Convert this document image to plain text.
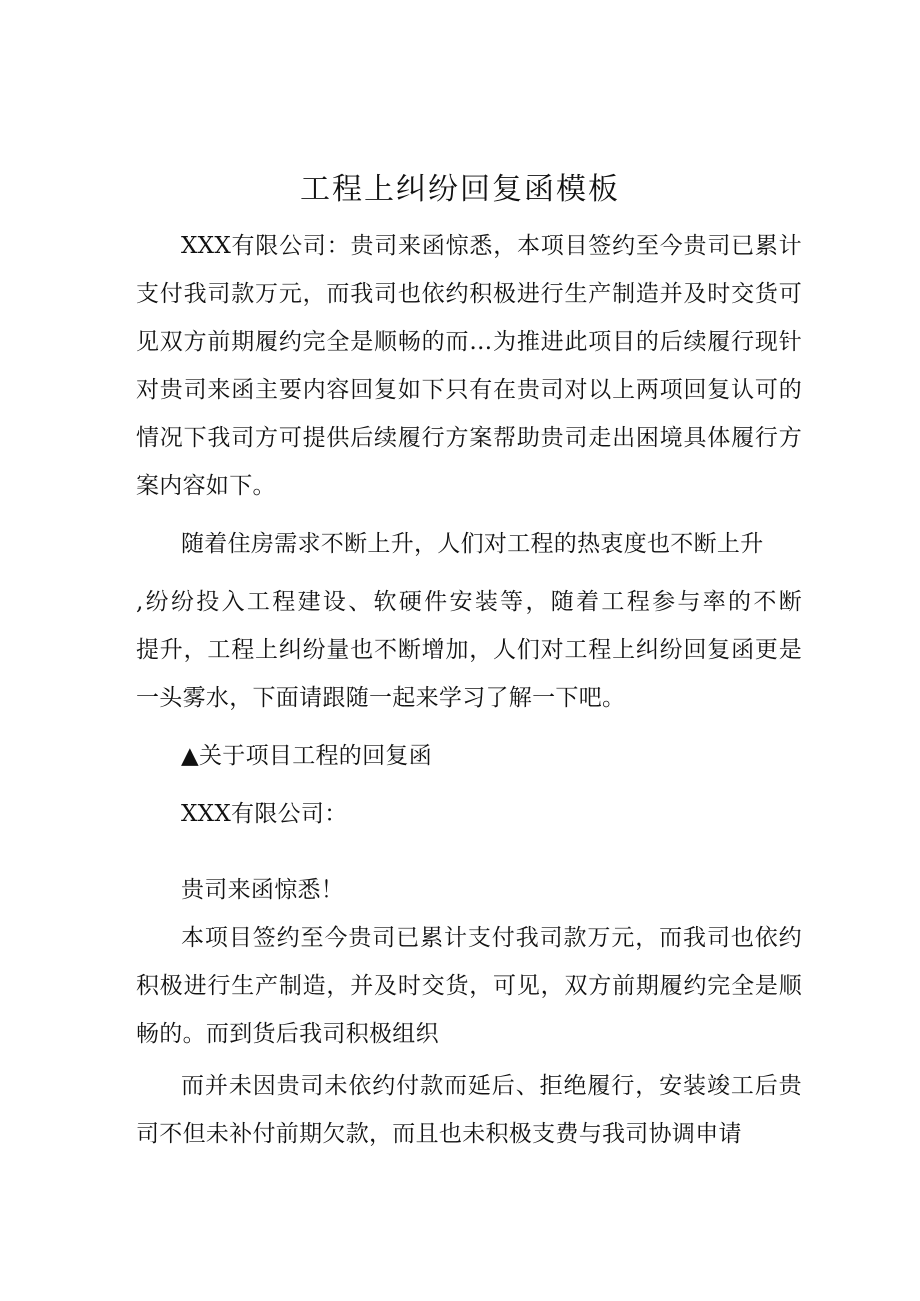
工程上纠纷回复函模板
XXX有限公司：贵司来函惊悉，本项目签约至今贵司已累计
支付我司款万元，而我司也依约积极进行生产制造并及时交货可
见双方前期履约完全是顺畅的而…为推进此项目的后续履行现针
对贵司来函主要内容回复如下只有在贵司对以上两项回复认可的
情况下我司方可提供后续履行方案帮助贵司走出困境具体履行方
案内容如下。
随着住房需求不断上升，人们对工程的热衷度也不断上升
,纷纷投入工程建设、软硬件安装等，随着工程参与率的不断
提升，工程上纠纷量也不断增加，人们对工程上纠纷回复函更是
一头雾水，下面请跟随一起来学习了解一下吧。
▲关于项目工程的回复函
XXX有限公司：
贵司来函惊悉！
本项目签约至今贵司已累计支付我司款万元，而我司也依约
积极进行生产制造，并及时交货，可见，双方前期履约完全是顺
畅的。而到货后我司积极组织
而并未因贵司未依约付款而延后、拒绝履行，安装竣工后贵
司不但未补付前期欠款，而且也未积极支费与我司协调申请
